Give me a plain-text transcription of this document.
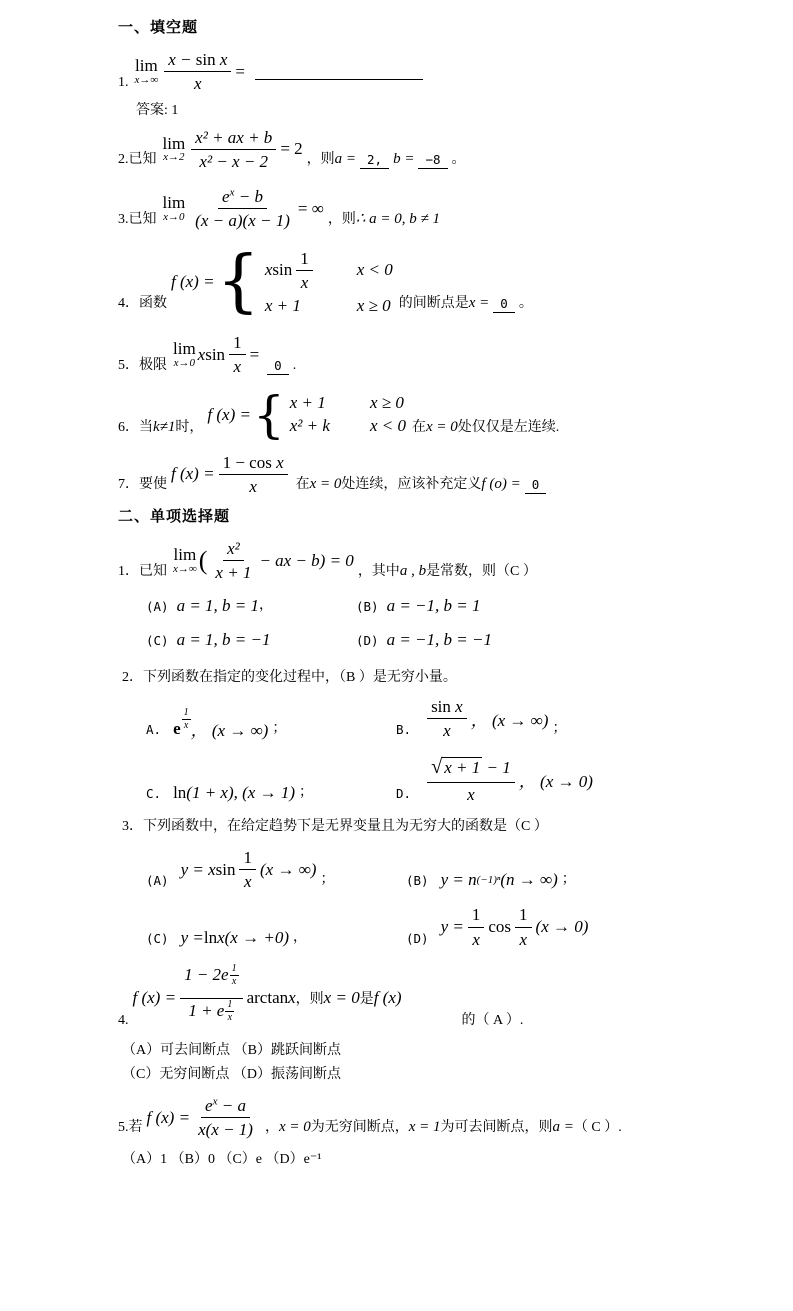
一、填空题
1.
lim
$x\to\infty \frac{\text{x − sin x}}{x}$ =
答案: 1
2.已知
lim
$x\to 2 \frac{\text{x² + ax + b}}{\text{x² − x − 2}} = 2$
，则 a = 2, b = −8 。
3.已知
lim
$x\to 0 \frac{e^x - b}{(x - a)(x - 1)}$ = ∞
，则 ∴ a = 0, b ≠ 1
4．函数
f (x) = { x $\sin \frac{1}{x}$	x < 0
x + 1	x ≥ 0 的间断点是 x = 0 。
5．极限
lim
x→0 x $\sin \frac{1}{x}$ =
0 .
6．当 k≠1 时，
f (x) = { x + 1	x ≥ 0
x² + k x < 0 在 x = 0 处仅仅是左连续.
7．要使
f $(x) = \frac{\text{1 − cos x}}{x}$ 在 x = 0 处连续，应该补充定义 f (o) = 0
二、单项选择题
1．已知
lim
x→∞ ( $\frac{\text{x²}}{x + 1}$ − ax − b) = 0
，其中 a , b 是常数，则（C ）
(A) a = 1, b = 1 ，	(B) a = −1, b = 1
(C) a = 1, b = −1	(D) a = −1, b = −1
2．下列函数在指定的变化过程中，（B ）是无穷小量。
A. e
1
x ， (x → ∞) ；	B. $\frac{\text{sin x}}{x}$ ， (x → ∞) ；
C. ln (1 + x), (x → 1) ；	D. $\frac{√ x + 1 - 1}{x}$ ， (x → 0)
3．下列函数中，在给定趋势下是无界变量且为无穷大的函数是（C ）
(A)
y = x $\sin \frac{1}{x} (x$ → ∞)
；	(B) y = n (−1)ⁿ (n → ∞) ；
(C) y = ln x(x → +0) ，	(D)
$y = \frac{1}{x}$ $\cos \frac{1}{x} (x \to 0)$
4.
f $(x) = \frac{1 - 2e \frac{1}{x}}{1 + e \frac{1}{x}}$ arctan x ，则 x = 0 是 f (x)
的（ A ）.
（A）可去间断点 （B）跳跃间断点
（C）无穷间断点 （D）振荡间断点
5.若
f $(x) = \frac{e^x - a}{x(x - 1)}$ ， x = 0 为无穷间断点， x = 1 为可去间断点，则 a = （ C ）.
（A）1 （B）0 （C）e （D）e⁻¹
